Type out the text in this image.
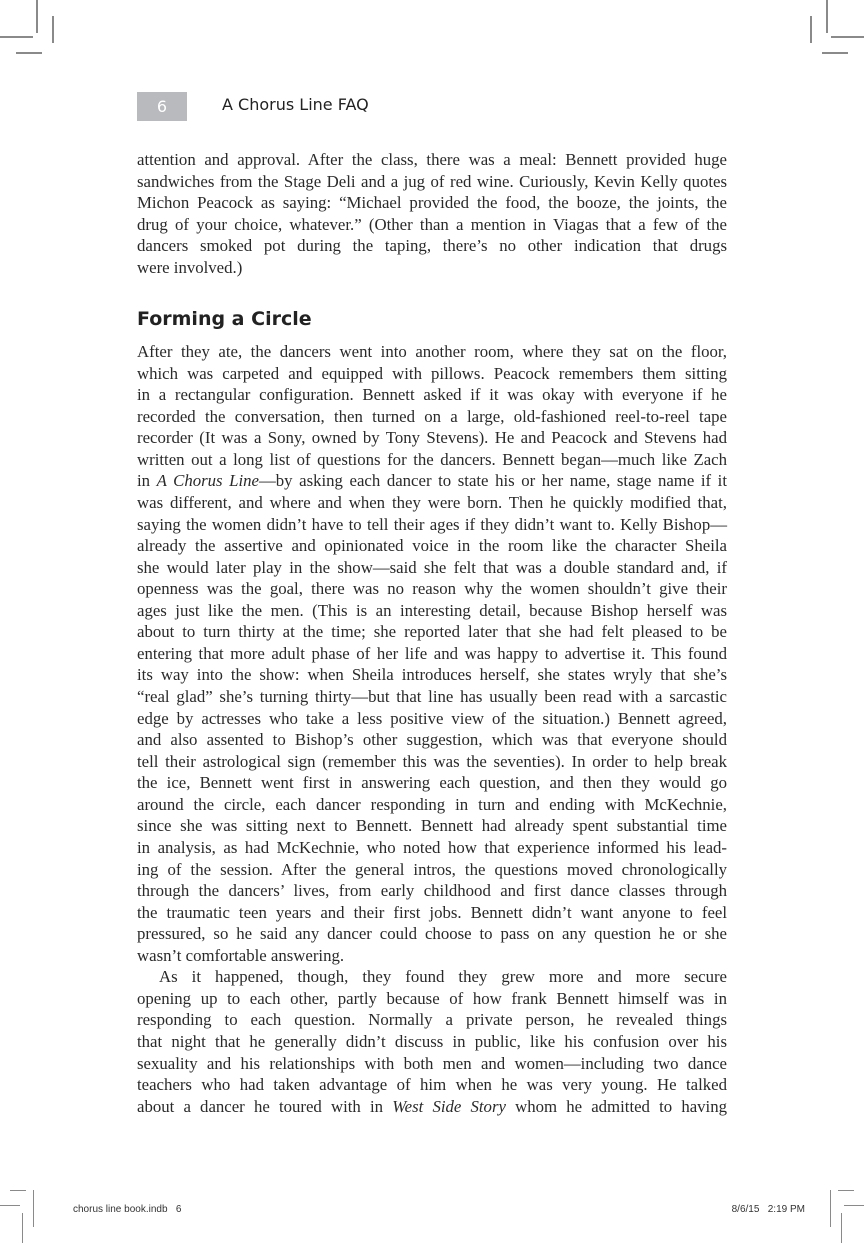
6	A Chorus Line FAQ
attention and approval. After the class, there was a meal: Bennett provided huge
sandwiches from the Stage Deli and a jug of red wine. Curiously, Kevin Kelly quotes
Michon Peacock as saying: “Michael provided the food, the booze, the joints, the
drug of your choice, whatever.” (Other than a mention in Viagas that a few of the
dancers smoked pot during the taping, there’s no other indication that drugs
were involved.)
Forming a Circle
After they ate, the dancers went into another room, where they sat on the floor,
which was carpeted and equipped with pillows. Peacock remembers them sitting
in a rectangular configuration. Bennett asked if it was okay with everyone if he
recorded the conversation, then turned on a large, old-fashioned reel-to-reel tape
recorder (It was a Sony, owned by Tony Stevens). He and Peacock and Stevens had
written out a long list of questions for the dancers. Bennett began—much like Zach
in A Chorus Line—by asking each dancer to state his or her name, stage name if it
was different, and where and when they were born. Then he quickly modified that,
saying the women didn’t have to tell their ages if they didn’t want to. Kelly Bishop—
already the assertive and opinionated voice in the room like the character Sheila
she would later play in the show—said she felt that was a double standard and, if
openness was the goal, there was no reason why the women shouldn’t give their
ages just like the men. (This is an interesting detail, because Bishop herself was
about to turn thirty at the time; she reported later that she had felt pleased to be
entering that more adult phase of her life and was happy to advertise it. This found
its way into the show: when Sheila introduces herself, she states wryly that she’s
“real glad” she’s turning thirty—but that line has usually been read with a sarcastic
edge by actresses who take a less positive view of the situation.) Bennett agreed,
and also assented to Bishop’s other suggestion, which was that everyone should
tell their astrological sign (remember this was the seventies). In order to help break
the ice, Bennett went first in answering each question, and then they would go
around the circle, each dancer responding in turn and ending with McKechnie,
since she was sitting next to Bennett. Bennett had already spent substantial time
in analysis, as had McKechnie, who noted how that experience informed his lead-
ing of the session. After the general intros, the questions moved chronologically
through the dancers’ lives, from early childhood and first dance classes through
the traumatic teen years and their first jobs. Bennett didn’t want anyone to feel
pressured, so he said any dancer could choose to pass on any question he or she
wasn’t comfortable answering.
As it happened, though, they found they grew more and more secure
opening up to each other, partly because of how frank Bennett himself was in
responding to each question. Normally a private person, he revealed things
that night that he generally didn’t discuss in public, like his confusion over his
sexuality and his relationships with both men and women—including two dance
teachers who had taken advantage of him when he was very young. He talked
about a dancer he toured with in West Side Story whom he admitted to having
chorus line book.indb   6	8/6/15   2:19 PM
